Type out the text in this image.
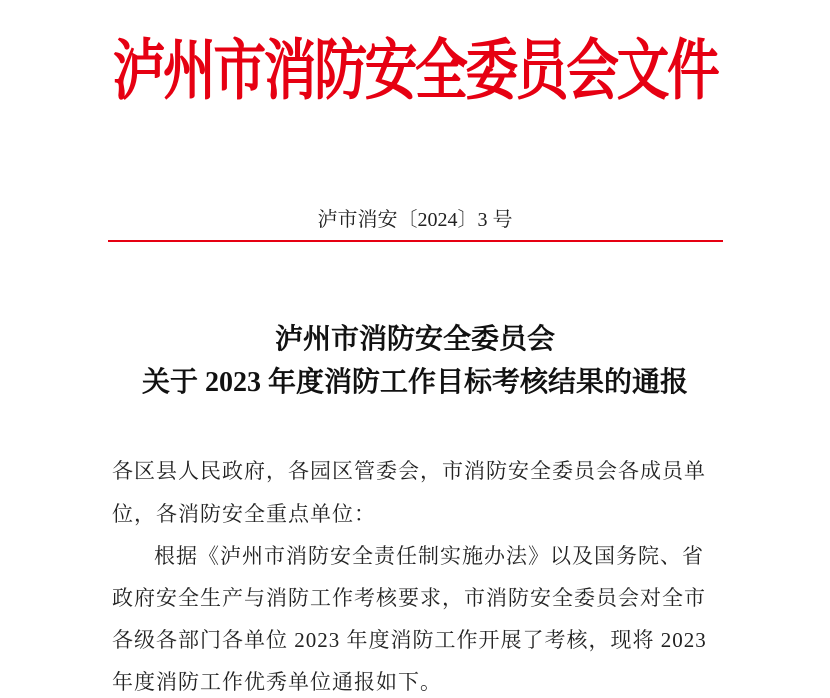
泸州市消防安全委员会文件
泸市消安〔2024〕3 号
泸州市消防安全委员会
关于 2023 年度消防工作目标考核结果的通报
各区县人民政府，各园区管委会，市消防安全委员会各成员单
位，各消防安全重点单位：
根据《泸州市消防安全责任制实施办法》以及国务院、省
政府安全生产与消防工作考核要求，市消防安全委员会对全市
各级各部门各单位 2023 年度消防工作开展了考核，现将 2023
年度消防工作优秀单位通报如下。
